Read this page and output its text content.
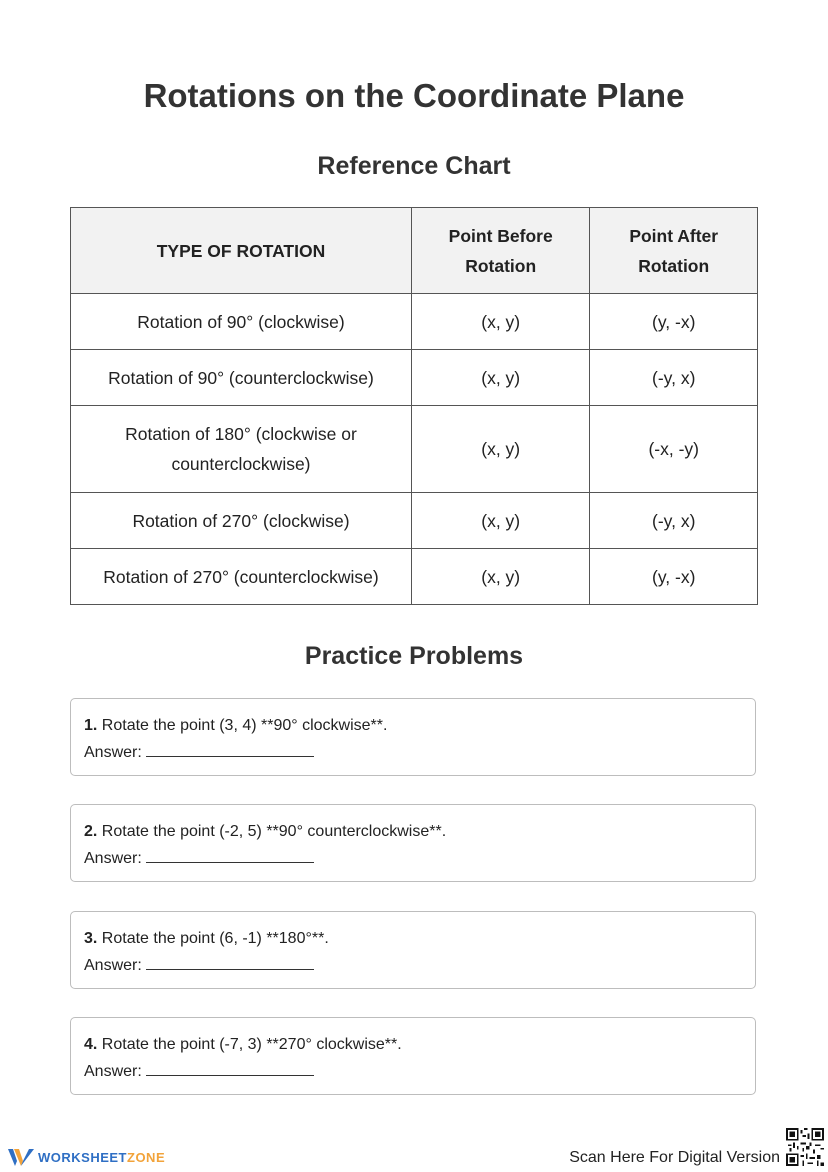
Rotations on the Coordinate Plane
Reference Chart
TYPE OF ROTATION	Point Before Rotation	Point After Rotation
Rotation of 90° (clockwise)	(x, y)	(y, -x)
Rotation of 90° (counterclockwise)	(x, y)	(-y, x)
Rotation of 180° (clockwise or counterclockwise)	(x, y)	(-x, -y)
Rotation of 270° (clockwise)	(x, y)	(-y, x)
Rotation of 270° (counterclockwise)	(x, y)	(y, -x)
Practice Problems
1. Rotate the point (3, 4) **90° clockwise**.
Answer:
2. Rotate the point (-2, 5) **90° counterclockwise**.
Answer:
3. Rotate the point (6, -1) **180°**.
Answer:
4. Rotate the point (-7, 3) **270° clockwise**.
Answer:
WORKSHEETZONE	Scan Here For Digital Version
